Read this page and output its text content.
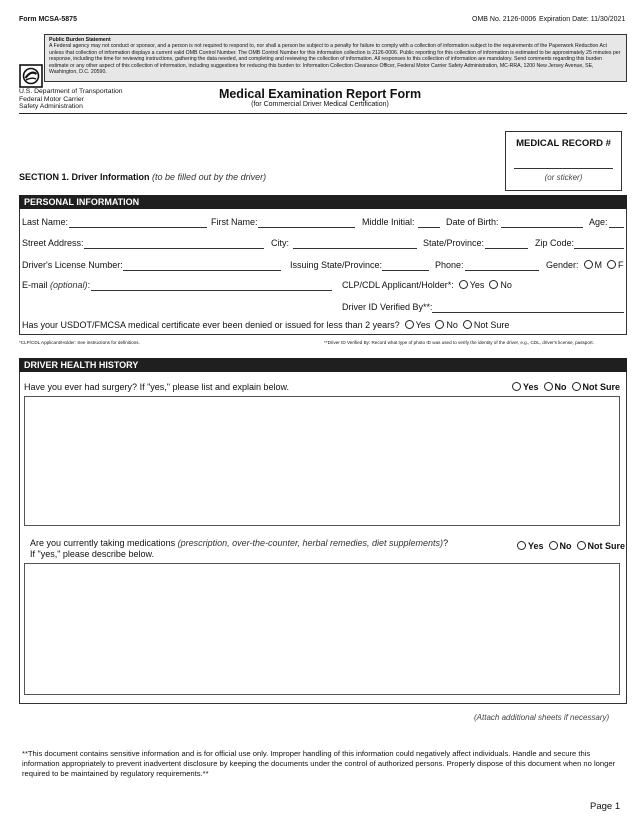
Form MCSA-5875	OMB No. 2126-0006 Expiration Date: 11/30/2021
Public Burden Statement
A Federal agency may not conduct or sponsor, and a person is not required to respond to, nor shall a person be subject to a penalty for failure to comply with a collection of information subject to the requirements of the Paperwork Reduction Act unless that collection of information displays a current valid OMB Control Number. The OMB Control Number for this information collection is 2126-0006. Public reporting for this collection of information is estimated to be approximately 25 minutes per response, including the time for reviewing instructions, gathering the data needed, and completing and reviewing the collection of information. All responses to this collection of information are mandatory. Send comments regarding this burden estimate or any other aspect of this collection of information, including suggestions for reducing this burden to: Information Collection Clearance Officer, Federal Motor Carrier Safety Administration, MC-RRA, 1200 New Jersey Avenue, SE, Washington, D.C. 20590.
U.S. Department of Transportation
Federal Motor Carrier
Safety Administration
Medical Examination Report Form
(for Commercial Driver Medical Certification)
MEDICAL RECORD #
(or sticker)
SECTION 1. Driver Information (to be filled out by the driver)
PERSONAL INFORMATION
Last Name:	First Name:	Middle Initial:	Date of Birth:	Age:
Street Address:	City:	State/Province:	Zip Code:
Driver's License Number:	Issuing State/Province:	Phone:	Gender: M F
E-mail (optional):	CLP/CDL Applicant/Holder*: Yes No
Driver ID Verified By**:
Has your USDOT/FMCSA medical certificate ever been denied or issued for less than 2 years? Yes No Not Sure
*CLP/CDL Applicant/Holder: See instructions for definitions.	**Driver ID Verified By: Record what type of photo ID was used to verify the identity of the driver, e.g., CDL, driver's license, passport.
DRIVER HEALTH HISTORY
Have you ever had surgery? If "yes," please list and explain below.	Yes No Not Sure
Are you currently taking medications (prescription, over-the-counter, herbal remedies, diet supplements)?
If "yes," please describe below.
Yes No Not Sure
(Attach additional sheets if necessary)
**This document contains sensitive information and is for official use only. Improper handling of this information could negatively affect individuals. Handle and secure this information appropriately to prevent inadvertent disclosure by keeping the documents under the control of authorized persons. Properly dispose of this document when no longer required to be maintained by regulatory requirements.**
Page 1
